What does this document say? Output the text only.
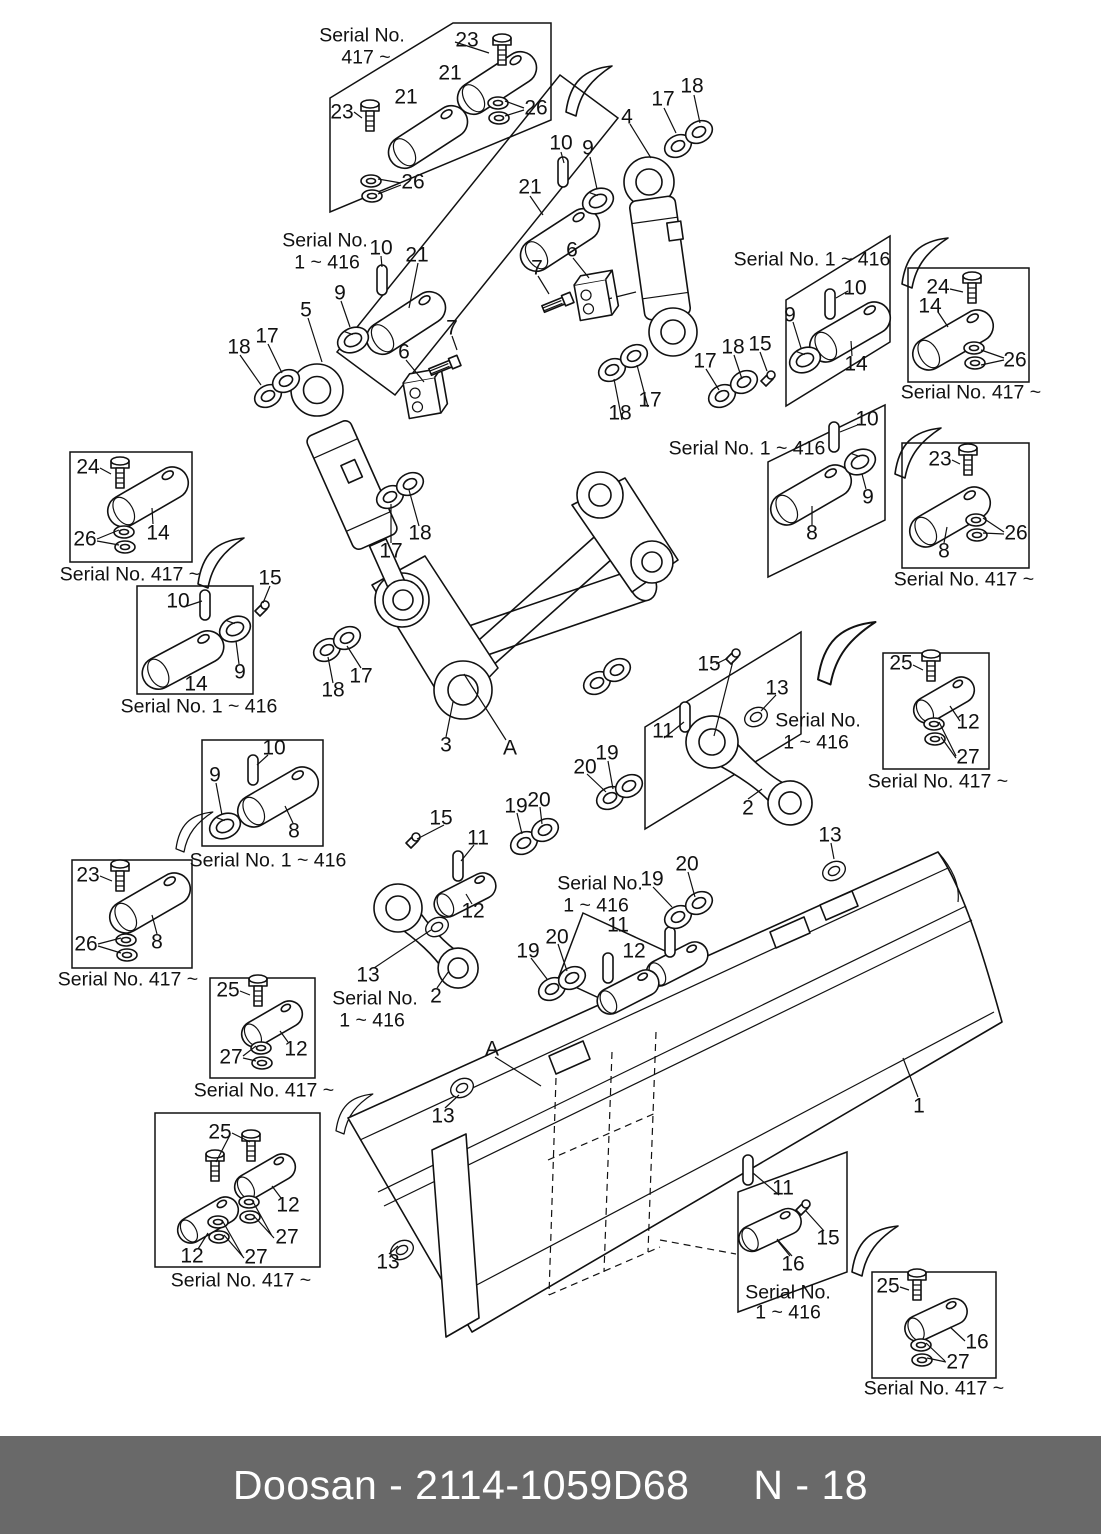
Serial No.
417 ~
23
21
26
21
23
26
18
17
4
10 9
21
Serial No. 1 ~ 416
24
14
26
Serial No. 417 ~
Serial No.
1 ~ 416
10 21
9
5
7
6
6
7
18 17
10
9
14
18
17
17
18 15
Serial No. 1 ~ 416
10
9
8
23
26
8
Serial No. 417 ~
24
14
26
Serial No. 417 ~	15
10
9
14
Serial No. 1 ~ 416
18
17
17
18
3 A
15
13
11
2
Serial No.
1 ~ 416
19
20
25
12
27
Serial No. 417 ~
10
9
8
Serial No. 1 ~ 416
13
23
26	8
Serial No. 417 ~
15
11
19 20
Serial No.
1 ~ 416
19
20
11
12
19
20
12
13
2
Serial No.
1 ~ 416
25
12
27
Serial No. 417 ~
A
13
25
12
27
12 27
Serial No. 417 ~
13
1
11
15
16
Serial No.
1 ~ 416
25
16
27
Serial No. 417 ~
Doosan - 2114-1059D68 N - 18
